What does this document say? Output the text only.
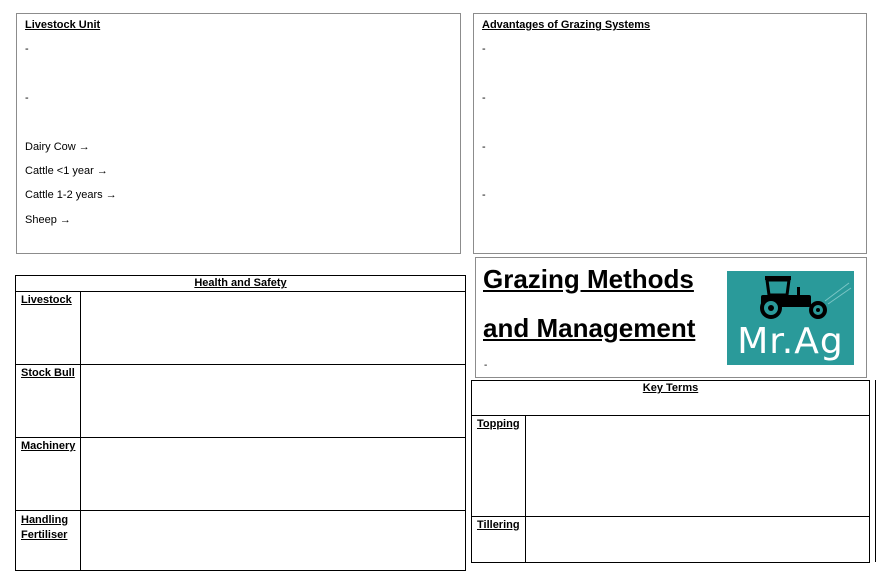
Livestock Unit
-
-
Dairy Cow →
Cattle <1 year →
Cattle 1-2 years →
Sheep →
Advantages of Grazing Systems
-
-
-
-
Health and Safety	
Livestock	
Stock Bull	
Machinery	
Handling Fertiliser	
-
Grazing Methods
and Management Mr.Ag
Key Terms	
Topping	
Tillering	
